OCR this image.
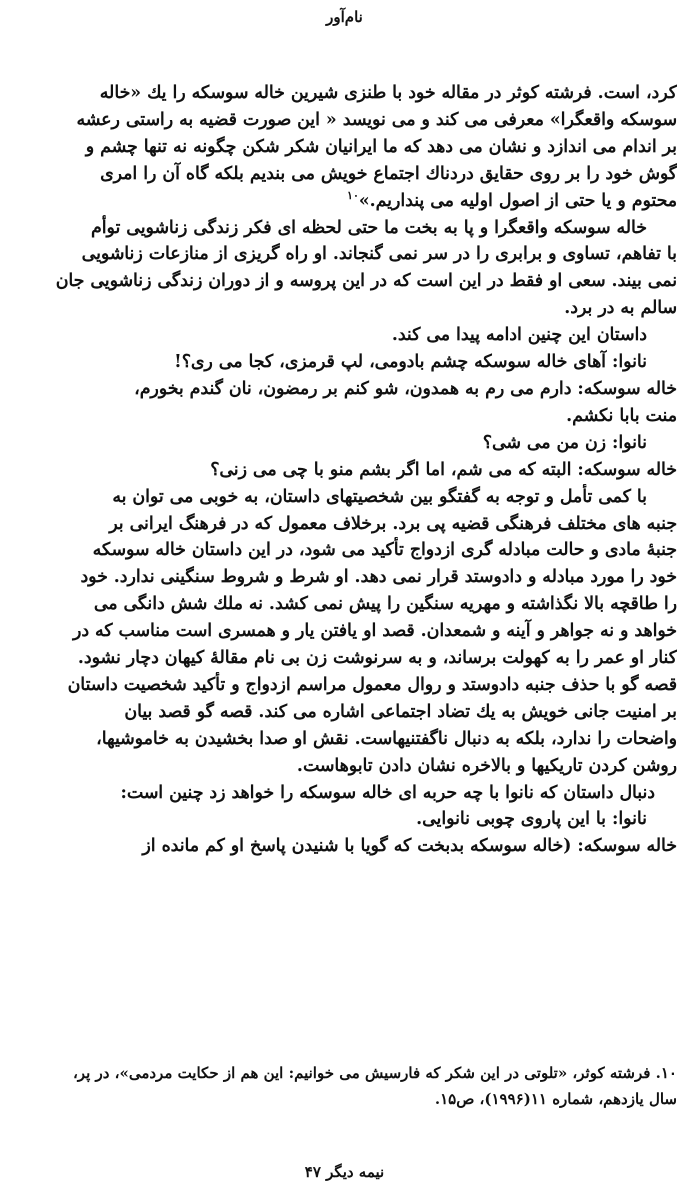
نام‌آور
کرد، است. فرشته کوثر در مقاله خود با طنزی شیرین خاله سوسکه را یك «خاله
سوسکه واقعگرا» معرفی می کند و می نویسد « این صورت قضیه به راستی رعشه
بر اندام می اندازد و نشان می دهد که ما ایرانیان شکر شکن چگونه نه تنها چشم و
گوش خود را بر روی حقایق دردناك اجتماع خویش می بندیم بلکه گاه آن را امری
محتوم و یا حتی از اصول اولیه می پنداریم.»$^{۱۰}$
خاله سوسکه واقعگرا و پا به بخت ما حتی لحظه ای فکر زندگی زناشویی توأم
با تفاهم، تساوی و برابری را در سر نمی گنجاند. او راه گریزی از منازعات زناشویی
نمی بیند. سعی او فقط در این است که در این پروسه و از دوران زندگی زناشویی جان
سالم به در برد.
داستان این چنین ادامه پیدا می کند.
نانوا: آهای خاله سوسکه چشم بادومی، لپ قرمزی، کجا می ری؟!
خاله سوسکه: دارم می رم به همدون، شو کنم بر رمضون، نان گندم بخورم،
منت بابا نکشم.
نانوا: زن من می شی؟
خاله سوسکه: البته که می شم، اما اگر بشم منو با چی می زنی؟
با کمی تأمل و توجه به گفتگو بین شخصیتهای داستان، به خوبی می توان به
جنبه های مختلف فرهنگی قضیه پی برد. برخلاف معمول که در فرهنگ ایرانی بر
جنبهٔ مادی و حالت مبادله گری ازدواج تأکید می شود، در این داستان خاله سوسکه
خود را مورد مبادله و دادوستد قرار نمی دهد. او شرط و شروط سنگینی ندارد. خود
را طاقچه بالا نگذاشته و مهریه سنگین را پیش نمی کشد. نه ملك شش دانگی می
خواهد و نه جواهر و آینه و شمعدان. قصد او یافتن یار و همسری است مناسب که در
کنار او عمر را به کهولت برساند، و به سرنوشت زن بی نام مقالهٔ کیهان دچار نشود.
قصه گو با حذف جنبه دادوستد و روال معمول مراسم ازدواج و تأکید شخصیت داستان
بر امنیت جانی خویش به یك تضاد اجتماعی اشاره می کند. قصه گو قصد بیان
واضحات را ندارد، بلکه به دنبال ناگفتنیهاست. نقش او صدا بخشیدن به خاموشیها،
روشن کردن تاریکیها و بالاخره نشان دادن تابوهاست.
دنبال داستان که نانوا با چه حربه ای خاله سوسکه را خواهد زد چنین است:
نانوا: با این پاروی چوبی نانوایی.
خاله سوسکه: (خاله سوسکه بدبخت که گویا با شنیدن پاسخ او کم مانده از
۱۰. فرشته کوثر، «تلوتی در این شکر که فارسیش می خوانیم: این هم از حکایت مردمی»، در پر،
سال یازدهم، شماره ۱۱(۱۹۹۶)، ص۱۵.
نیمه دیگر ۴۷
